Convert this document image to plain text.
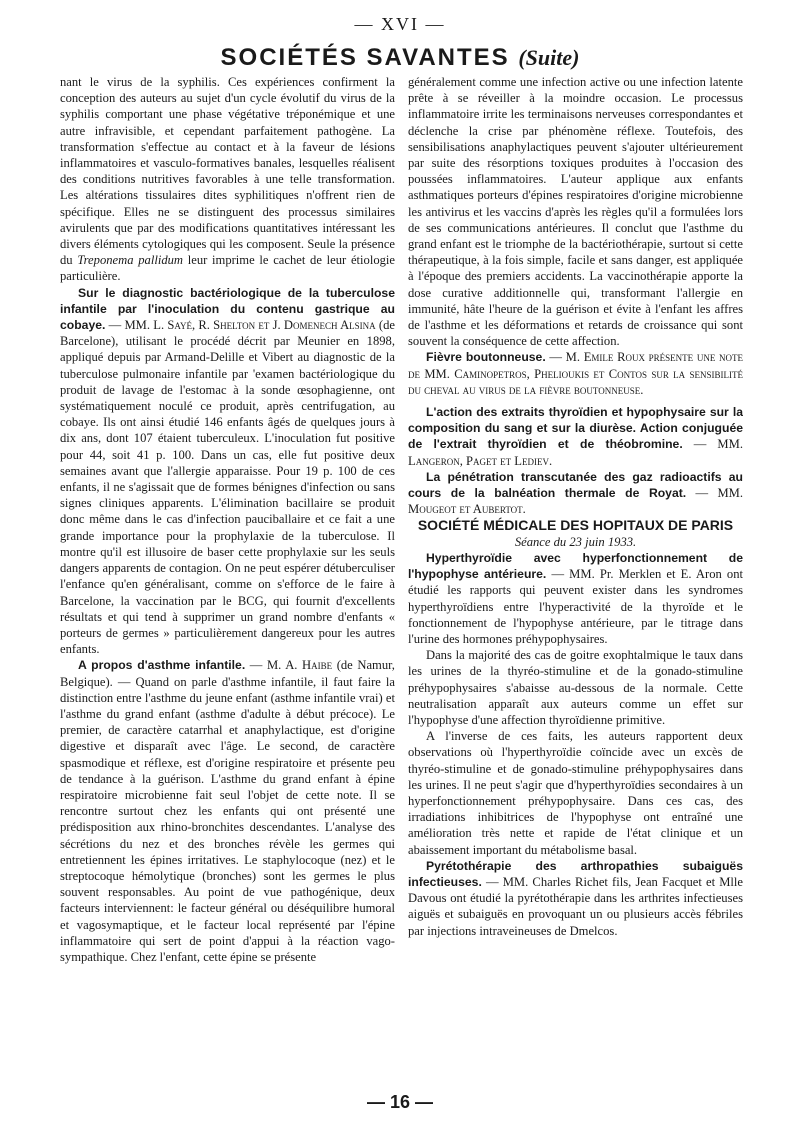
— XVI —
SOCIÉTÉS SAVANTES (Suite)

nant le virus de la syphilis. Ces expériences confirment la conception des auteurs au sujet d'un cycle évolutif du virus de la syphilis comportant une phase végétative tréponémique et une autre infravisible, et cependant parfaitement pathogène. La transformation s'effectue au contact et à la faveur de lésions inflammatoires et vasculo-formatives banales, lesquelles réalisent des conditions nutritives favorables à une telle transformation. Les altérations tissulaires dites syphilitiques n'offrent rien de spécifique. Elles ne se distinguent des processus similaires avirulents que par des modifications quantitatives intéressant les divers éléments cytologiques qui les composent. Seule la présence du Treponema pallidum leur imprime le cachet de leur étiologie particulière.

Sur le diagnostic bactériologique de la tuberculose infantile par l'inoculation du contenu gastrique au cobaye. — MM. L. Sayé, R. Shelton et J. Domenech Alsina (de Barcelone), utilisant le procédé décrit par Meunier en 1898, appliqué depuis par Armand-Delille et Vibert au diagnostic de la tuberculose pulmonaire infantile par 'examen bactériologique du produit de lavage de l'estomac à la sonde œsophagienne, ont systématiquement noculé ce produit, après centrifugation, au cobaye. Ils ont ainsi étudié 146 enfants âgés de quelques jours à dix ans, dont 107 étaient tuberculeux. L'inoculation fut positive pour 44, soit 41 p. 100. Dans un cas, elle fut positive deux semaines avant que l'allergie apparaisse. Pour 19 p. 100 de ces enfants, il ne s'agissait que de formes bénignes d'infection ou sans signes cliniques apparents. L'élimination bacillaire se produit donc même dans le cas d'infection pauciballaire et ce fait a une grande importance pour la prophylaxie de la tuberculose. Il montre qu'il est illusoire de baser cette prophylaxie sur les seuls dangers apparents de contagion. On ne peut espérer détuberculiser l'enfance qu'en généralisant, comme on s'efforce de le faire à Barcelone, la vaccination par le BCG, qui fournit d'excellents résultats et qui tend à supprimer un grand nombre d'enfants « porteurs de germes » particulièrement dangereux pour les autres enfants.

A propos d'asthme infantile. — M. A. Haibe (de Namur, Belgique). — Quand on parle d'asthme infantile, il faut faire la distinction entre l'asthme du jeune enfant (asthme infantile vrai) et l'asthme du grand enfant (asthme d'adulte à début précoce). Le premier, de caractère catarrhal et anaphylactique, est d'origine digestive et disparaît avec l'âge. Le second, de caractère spasmodique et réflexe, est d'origine respiratoire et présente peu de tendance à la guérison. L'asthme du grand enfant à épine respiratoire microbienne fait seul l'objet de cette note. Il se rencontre surtout chez les enfants qui ont présenté une prédisposition aux rhino-bronchites descendantes. L'analyse des sécrétions du nez et des bronches révèle les germes qui entretiennent les épines irritatives. Le staphylocoque (nez) et le streptocoque hémolytique (bronches) sont les germes le plus souvent responsables. Au point de vue pathogénique, deux facteurs interviennent: le facteur général ou déséquilibre humoral et vagosymaptique, et le facteur local représenté par l'épine inflammatoire qui sert de point d'appui à la réaction vago-sympathique. Chez l'enfant, cette épine se présente

généralement comme une infection active ou une infection latente prête à se réveiller à la moindre occasion. Le processus inflammatoire irrite les terminaisons nerveuses correspondantes et déclenche la crise par phénomène réflexe. Toutefois, des sensibilisations anaphylactiques peuvent s'ajouter ultérieurement par suite des résorptions toxiques produites à l'occasion des poussées inflammatoires. L'auteur applique aux enfants asthmatiques porteurs d'épines respiratoires d'origine microbienne les antivirus et les vaccins d'après les règles qu'il a formulées lors de ses communications antérieures. Il conclut que l'asthme du grand enfant est le triomphe de la bactériothérapie, surtout si cette thérapeutique, à la fois simple, facile et sans danger, est appliquée à l'époque des premiers accidents. La vaccinothérapie apporte la dose curative additionnelle qui, transformant l'allergie en immunité, hâte l'heure de la guérison et évite à l'enfant les affres de l'asthme et les déformations et retards de croissance qui sont souvent la conséquence de cette affection.

Fièvre boutonneuse. — M. Emile Roux présente une note de MM. Caminopetros, Phelioukis et Contos sur la sensibilité du cheval au virus de la fièvre boutonneuse.

L'action des extraits thyroïdien et hypophysaire sur la composition du sang et sur la diurèse. Action conjuguée de l'extrait thyroïdien et de théobromine. — MM. Langeron, Paget et Lediev.

La pénétration transcutanée des gaz radioactifs au cours de la balnéation thermale de Royat. — MM. Mougeot et Aubertot.

SOCIÉTÉ MÉDICALE DES HOPITAUX DE PARIS

Séance du 23 juin 1933.

Hyperthyroïdie avec hyperfonctionnement de l'hypophyse antérieure. — MM. Pr. Merklen et E. Aron ont étudié les rapports qui peuvent exister dans les syndromes hyperthyroïdiens entre l'hyperactivité de la thyroïde et le fonctionnement de l'hypophyse antérieure, par le titrage dans l'urine des hormones préhypophysaires.

Dans la majorité des cas de goitre exophtalmique le taux dans les urines de la thyréo-stimuline et de la gonado-stimuline préhypophysaires s'abaisse au-dessous de la normale. Cette neutralisation apparaît aux auteurs comme un effet sur l'hypophyse d'une affection thyroïdienne primitive.

A l'inverse de ces faits, les auteurs rapportent deux observations où l'hyperthyroïdie coïncide avec un excès de thyréo-stimuline et de gonado-stimuline préhypophysaires dans les urines. Il ne peut s'agir que d'hyperthyroïdies secondaires à un hyperfonctionnement préhypophysaire. Dans ces cas, des irradiations inhibitrices de l'hypophyse ont entraîné une amélioration très nette et rapide de l'état clinique et un abaissement important du métabolisme basal.

Pyrétothérapie des arthropathies subaiguës infectieuses. — MM. Charles Richet fils, Jean Facquet et Mlle Davous ont étudié la pyrétothérapie dans les arthrites infectieuses aiguës et subaiguës en provoquant un ou plusieurs accès fébriles par injections intraveineuses de Dmelcos.

— 16 —
